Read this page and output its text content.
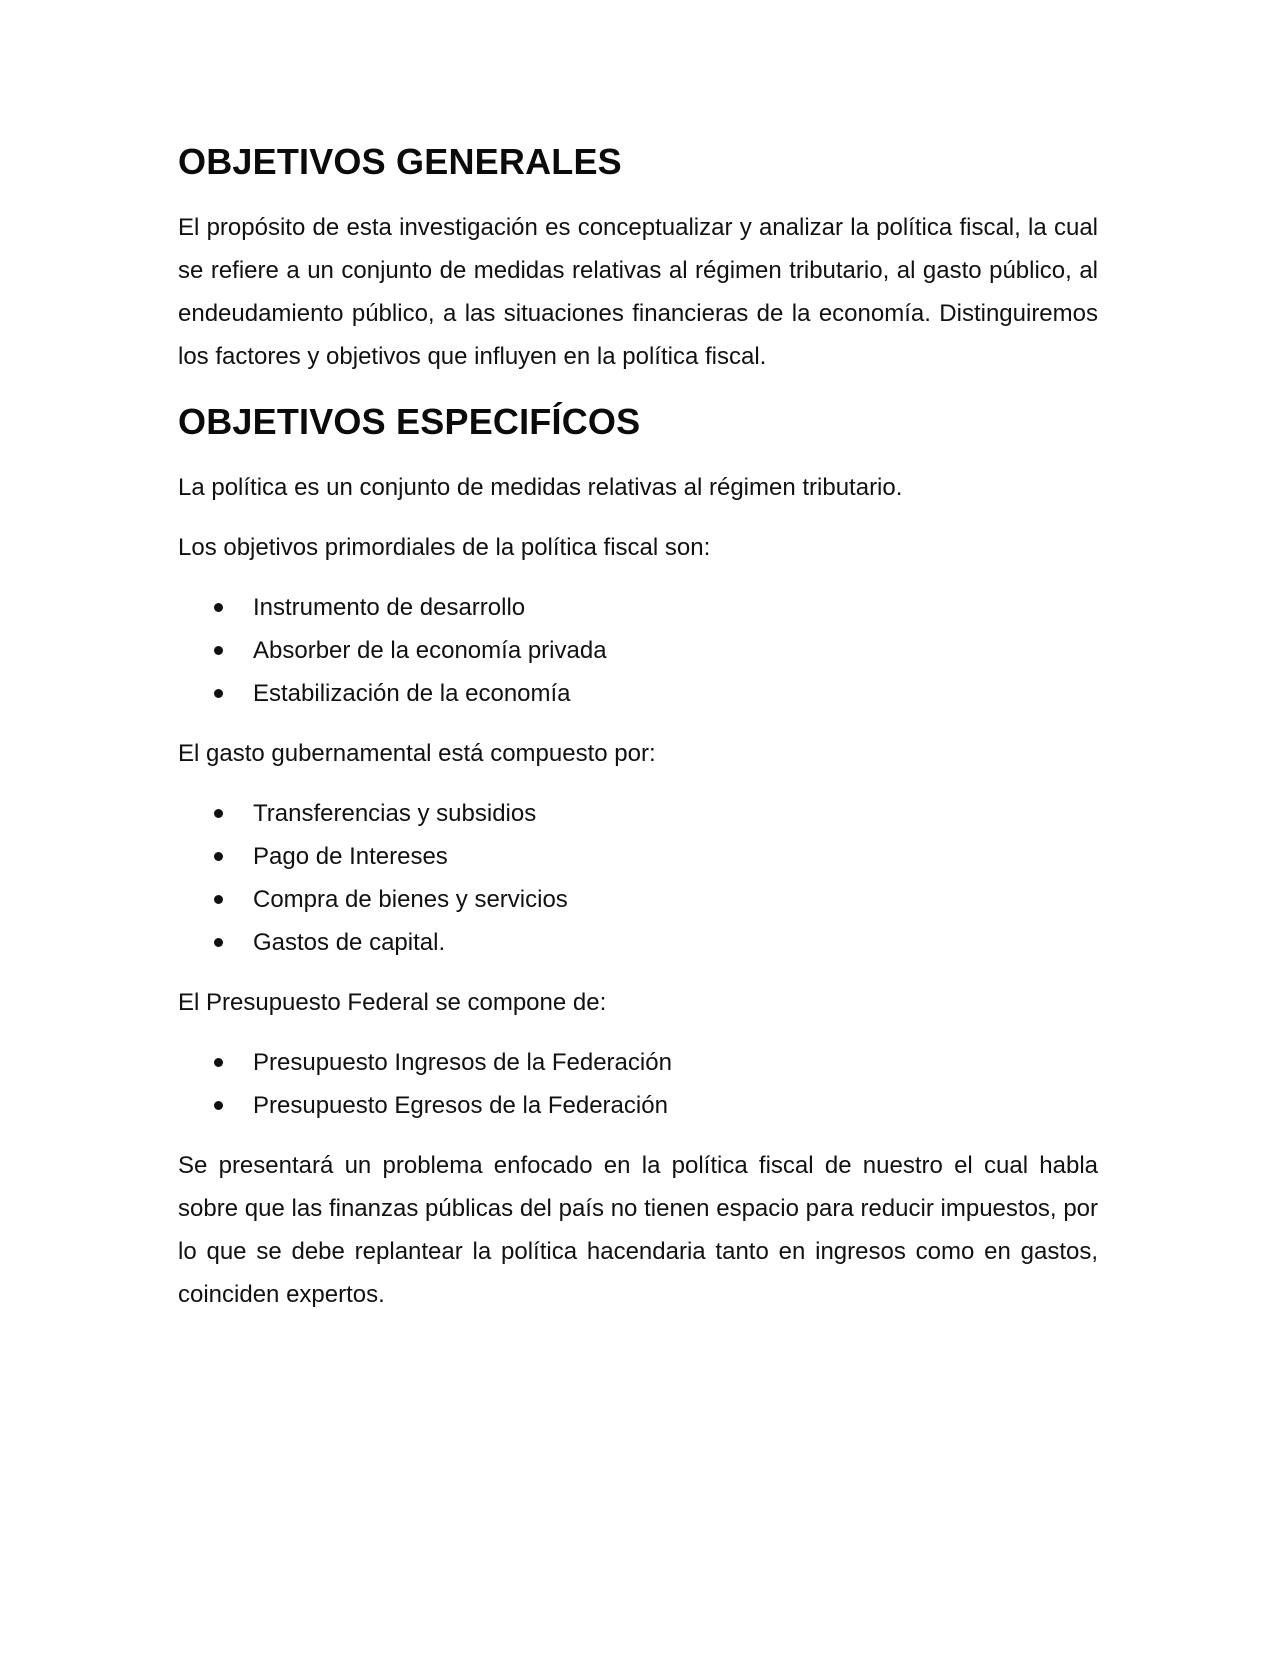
OBJETIVOS GENERALES

El propósito de esta investigación es conceptualizar y analizar la política fiscal, la cual se refiere a un conjunto de medidas relativas al régimen tributario, al gasto público, al endeudamiento público, a las situaciones financieras de la economía. Distinguiremos los factores y objetivos que influyen en la política fiscal.

OBJETIVOS ESPECIFÍCOS

La política es un conjunto de medidas relativas al régimen tributario.

Los objetivos primordiales de la política fiscal son:

Instrumento de desarrollo
Absorber de la economía privada
Estabilización de la economía

El gasto gubernamental está compuesto por:

Transferencias y subsidios
Pago de Intereses
Compra de bienes y servicios
Gastos de capital.

El Presupuesto Federal se compone de:

Presupuesto Ingresos de la Federación
Presupuesto Egresos de la Federación

Se presentará un problema enfocado en la política fiscal de nuestro el cual habla sobre que las finanzas públicas del país no tienen espacio para reducir impuestos, por lo que se debe replantear la política hacendaria tanto en ingresos como en gastos, coinciden expertos.
